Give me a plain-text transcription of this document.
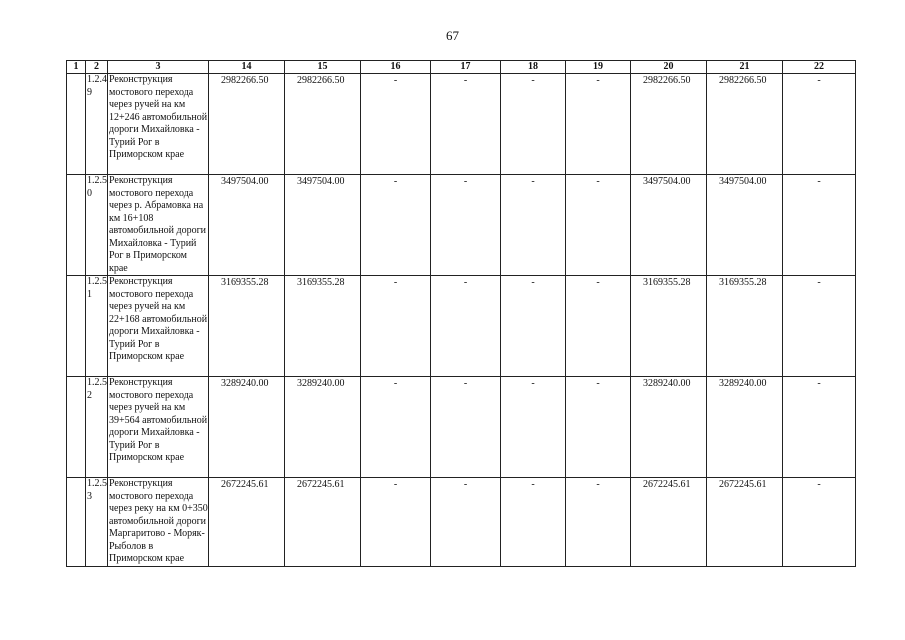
67
1	2	3	14	15	16	17	18	19	20	21	22
	1.2.49	Реконструкция мостового перехода через ручей на км 12+246 автомобильной дороги Михайловка - Турий Рог в Приморском крае	2982266.50	2982266.50	-	-	-	-	2982266.50	2982266.50	-
	1.2.50	Реконструкция мостового перехода через р. Абрамовка на км 16+108 автомобильной дороги Михайловка - Турий Рог в Приморском крае	3497504.00	3497504.00	-	-	-	-	3497504.00	3497504.00	-
	1.2.51	Реконструкция мостового перехода через ручей на км 22+168 автомобильной дороги Михайловка - Турий Рог в Приморском крае	3169355.28	3169355.28	-	-	-	-	3169355.28	3169355.28	-
	1.2.52	Реконструкция мостового перехода через ручей на км 39+564 автомобильной дороги Михайловка - Турий Рог в Приморском крае	3289240.00	3289240.00	-	-	-	-	3289240.00	3289240.00	-
	1.2.53	Реконструкция мостового перехода через реку на км 0+350 автомобильной дороги Маргаритово - Моряк-Рыболов в Приморском крае	2672245.61	2672245.61	-	-	-	-	2672245.61	2672245.61	-
